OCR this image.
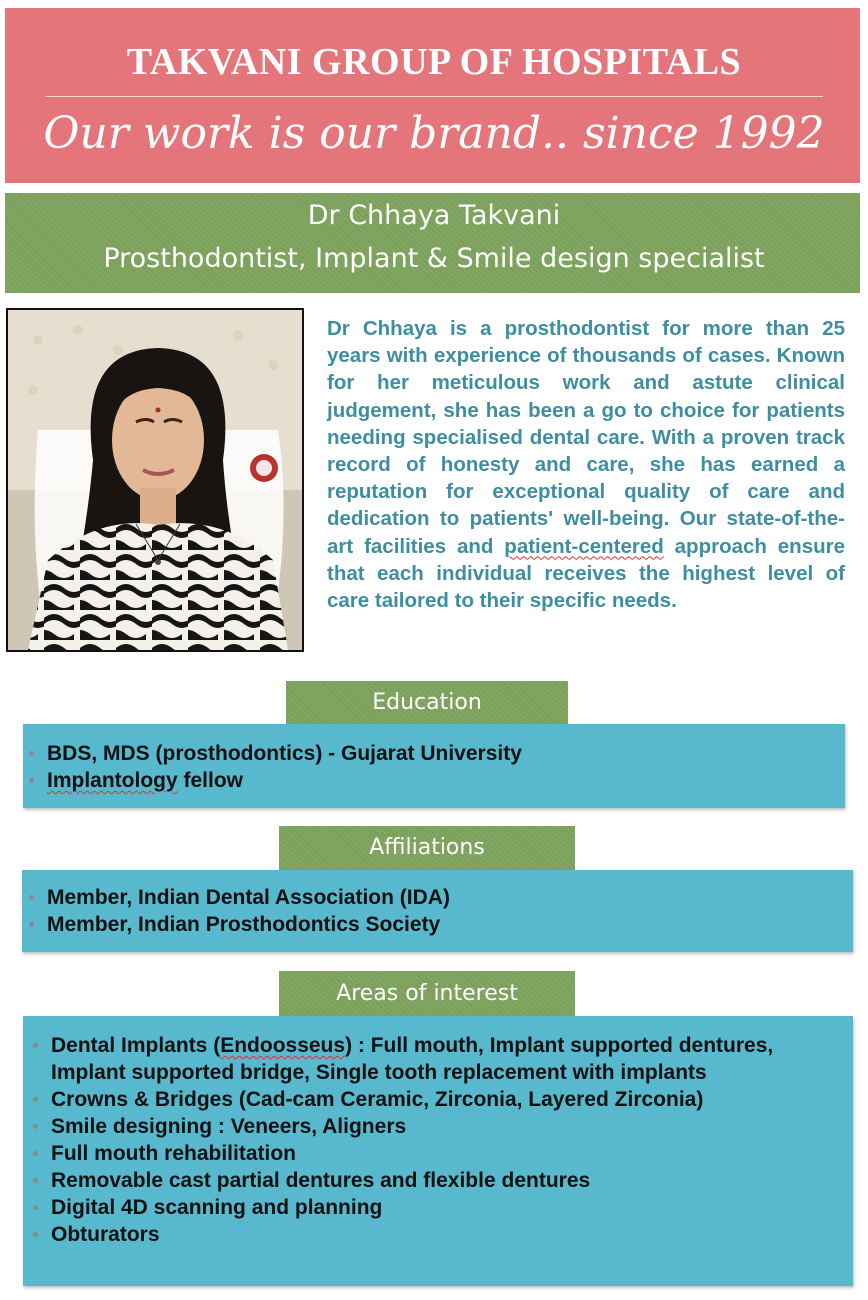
TAKVANI GROUP OF HOSPITALS
Our work is our brand.. since 1992
Dr Chhaya Takvani
Prosthodontist, Implant & Smile design specialist

Dr Chhaya is a prosthodontist for more than 25 years with experience of thousands of cases. Known for her meticulous work and astute clinical judgement, she has been a go to choice for patients needing specialised dental care. With a proven track record of honesty and care, she has earned a reputation for exceptional quality of care and dedication to patients' well-being. Our state-of-the-art facilities and patient-centered approach ensure that each individual receives the highest level of care tailored to their specific needs.

Education
BDS, MDS (prosthodontics) - Gujarat University
Implantology fellow
Affiliations
Member, Indian Dental Association (IDA)
Member, Indian Prosthodontics Society
Areas of interest
Dental Implants (Endoosseus) : Full mouth, Implant supported dentures, Implant supported bridge, Single tooth replacement with implants
Crowns & Bridges (Cad-cam Ceramic, Zirconia, Layered Zirconia)
Smile designing : Veneers, Aligners
Full mouth rehabilitation
Removable cast partial dentures and flexible dentures
Digital 4D scanning and planning
Obturators
